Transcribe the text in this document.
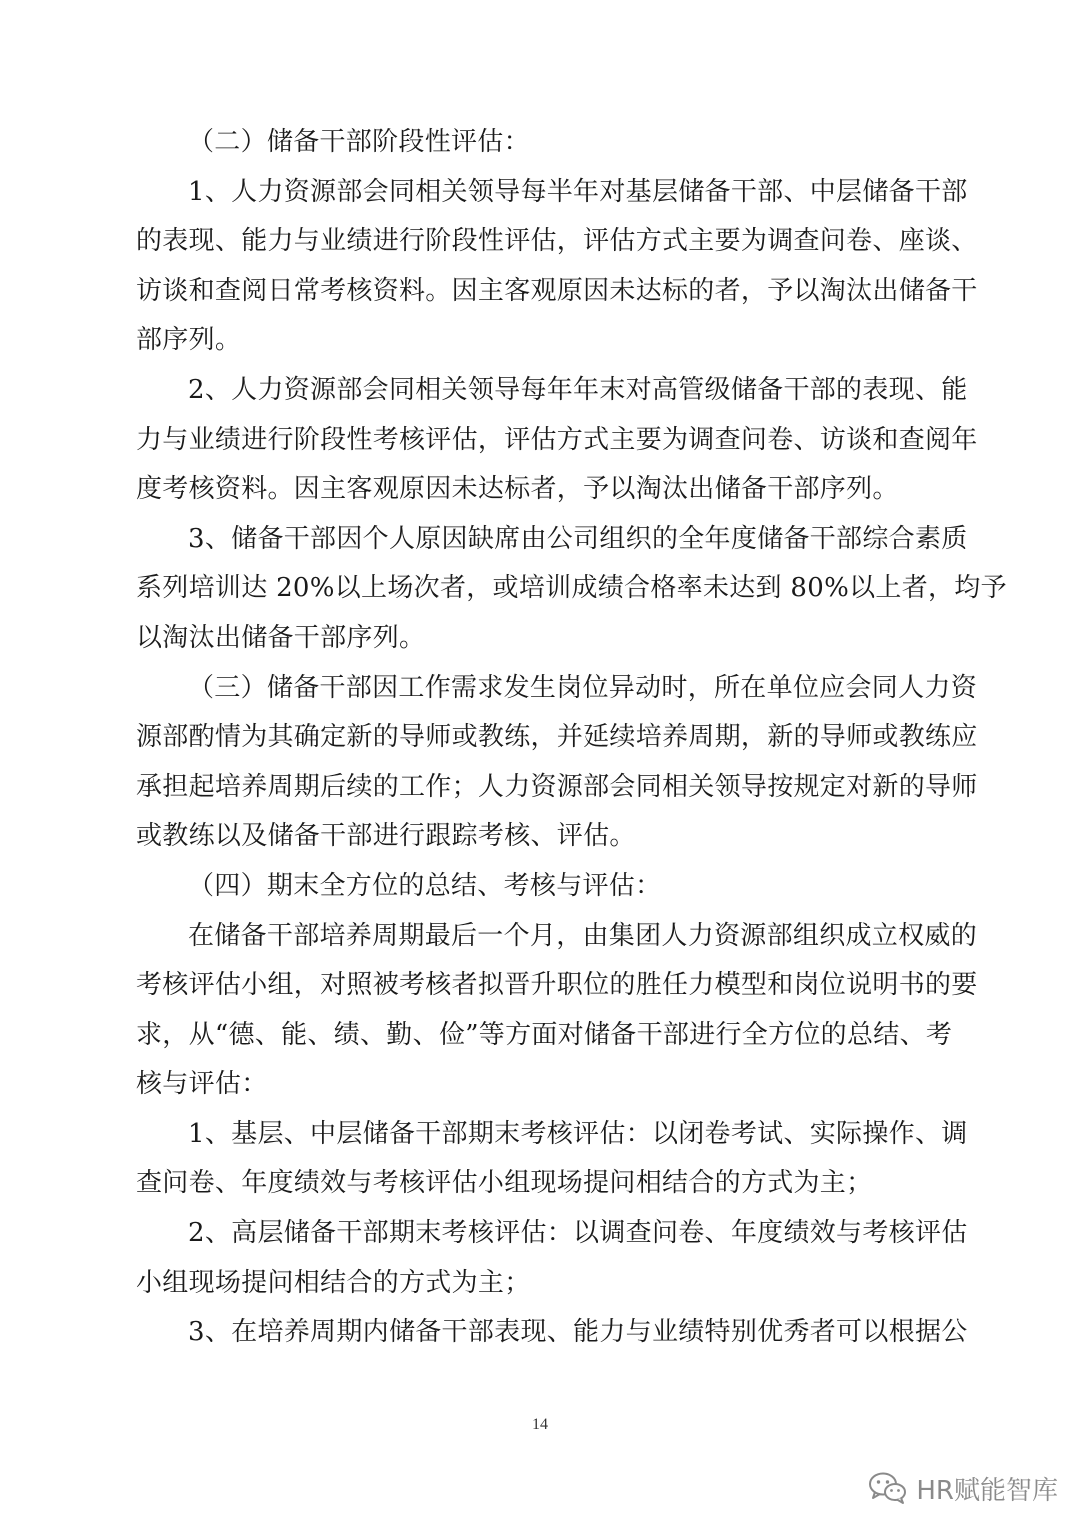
（二）储备干部阶段性评估：
1、人力资源部会同相关领导每半年对基层储备干部、中层储备干部
的表现、能力与业绩进行阶段性评估，评估方式主要为调查问卷、座谈、
访谈和查阅日常考核资料。因主客观原因未达标的者，予以淘汰出储备干
部序列。
2、人力资源部会同相关领导每年年末对高管级储备干部的表现、能
力与业绩进行阶段性考核评估，评估方式主要为调查问卷、访谈和查阅年
度考核资料。因主客观原因未达标者，予以淘汰出储备干部序列。
3、储备干部因个人原因缺席由公司组织的全年度储备干部综合素质
系列培训达 20%以上场次者，或培训成绩合格率未达到 80%以上者，均予
以淘汰出储备干部序列。
（三）储备干部因工作需求发生岗位异动时，所在单位应会同人力资
源部酌情为其确定新的导师或教练，并延续培养周期，新的导师或教练应
承担起培养周期后续的工作；人力资源部会同相关领导按规定对新的导师
或教练以及储备干部进行跟踪考核、评估。
（四）期末全方位的总结、考核与评估：
在储备干部培养周期最后一个月，由集团人力资源部组织成立权威的
考核评估小组，对照被考核者拟晋升职位的胜任力模型和岗位说明书的要
求，从“德、能、绩、勤、俭”等方面对储备干部进行全方位的总结、考
核与评估：
1、基层、中层储备干部期末考核评估：以闭卷考试、实际操作、调
查问卷、年度绩效与考核评估小组现场提问相结合的方式为主；
2、高层储备干部期末考核评估：以调查问卷、年度绩效与考核评估
小组现场提问相结合的方式为主；
3、在培养周期内储备干部表现、能力与业绩特别优秀者可以根据公
14
HR赋能智库
